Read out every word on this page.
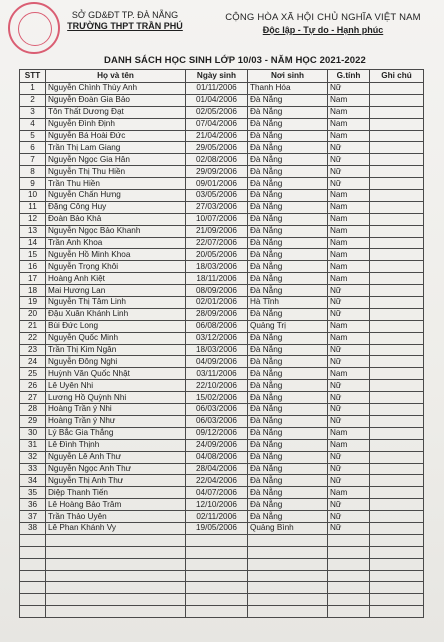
SỞ GD&ĐT TP. ĐÀ NẴNG
TRƯỜNG THPT TRẦN PHÚ
CỘNG HÒA XÃ HỘI CHỦ NGHĨA VIỆT NAM
Độc lập - Tự do - Hạnh phúc
DANH SÁCH HỌC SINH LỚP 10/03 - NĂM HỌC 2021-2022
STT	Họ và tên	Ngày sinh	Nơi sinh	G.tính	Ghi chú
1	Nguyễn Chình Thùy Anh	01/11/2006	Thanh Hóa	Nữ	
2	Nguyễn Đoàn Gia Bảo	01/04/2006	Đà Nẵng	Nam	
3	Tôn Thất Dương Đạt	02/05/2006	Đà Nẵng	Nam	
4	Nguyễn Đình Định	07/04/2006	Đà Nẵng	Nam	
5	Nguyễn Bá Hoài Đức	21/04/2006	Đà Nẵng	Nam	
6	Trần Thị Lam Giang	29/05/2006	Đà Nẵng	Nữ	
7	Nguyễn Ngọc Gia Hân	02/08/2006	Đà Nẵng	Nữ	
8	Nguyễn Thị Thu Hiền	29/09/2006	Đà Nẵng	Nữ	
9	Trần Thu Hiền	09/01/2006	Đà Nẵng	Nữ	
10	Nguyễn Chấn Hưng	03/05/2006	Đà Nẵng	Nam	
11	Đặng Công Huy	27/03/2006	Đà Nẵng	Nam	
12	Đoàn Bảo Khả	10/07/2006	Đà Nẵng	Nam	
13	Nguyễn Ngọc Bảo Khanh	21/09/2006	Đà Nẵng	Nam	
14	Trần Anh Khoa	22/07/2006	Đà Nẵng	Nam	
15	Nguyễn Hồ Minh Khoa	20/05/2006	Đà Nẵng	Nam	
16	Nguyễn Trọng Khôi	18/03/2006	Đà Nẵng	Nam	
17	Hoàng Anh Kiệt	18/11/2006	Đà Nẵng	Nam	
18	Mai Hương Lan	08/09/2006	Đà Nẵng	Nữ	
19	Nguyễn Thị Tâm Linh	02/01/2006	Hà Tĩnh	Nữ	
20	Đậu Xuân Khánh Linh	28/09/2006	Đà Nẵng	Nữ	
21	Bùi Đức Long	06/08/2006	Quảng Trị	Nam	
22	Nguyễn Quốc Minh	03/12/2006	Đà Nẵng	Nam	
23	Trần Thị Kim Ngân	18/03/2006	Đà Nẵng	Nữ	
24	Nguyễn Đông Nghi	04/09/2006	Đà Nẵng	Nữ	
25	Huỳnh Văn Quốc Nhật	03/11/2006	Đà Nẵng	Nam	
26	Lê Uyên Nhi	22/10/2006	Đà Nẵng	Nữ	
27	Lương Hồ Quỳnh Nhi	15/02/2006	Đà Nẵng	Nữ	
28	Hoàng Trần ý Nhi	06/03/2006	Đà Nẵng	Nữ	
29	Hoàng Trần ý Như	06/03/2006	Đà Nẵng	Nữ	
30	Lý Bắc Gia Thắng	09/12/2006	Đà Nẵng	Nam	
31	Lê Đình Thịnh	24/09/2006	Đà Nẵng	Nam	
32	Nguyễn Lê Anh Thư	04/08/2006	Đà Nẵng	Nữ	
33	Nguyễn Ngọc Anh Thư	28/04/2006	Đà Nẵng	Nữ	
34	Nguyễn Thị Anh Thư	22/04/2006	Đà Nẵng	Nữ	
35	Diệp Thanh Tiến	04/07/2006	Đà Nẵng	Nam	
36	Lê Hoàng Bảo Trâm	12/10/2006	Đà Nẵng	Nữ	
37	Trần Thảo Uyên	02/11/2006	Đà Nẵng	Nữ	
38	Lê Phan Khánh Vy	19/05/2006	Quảng Bình	Nữ	
